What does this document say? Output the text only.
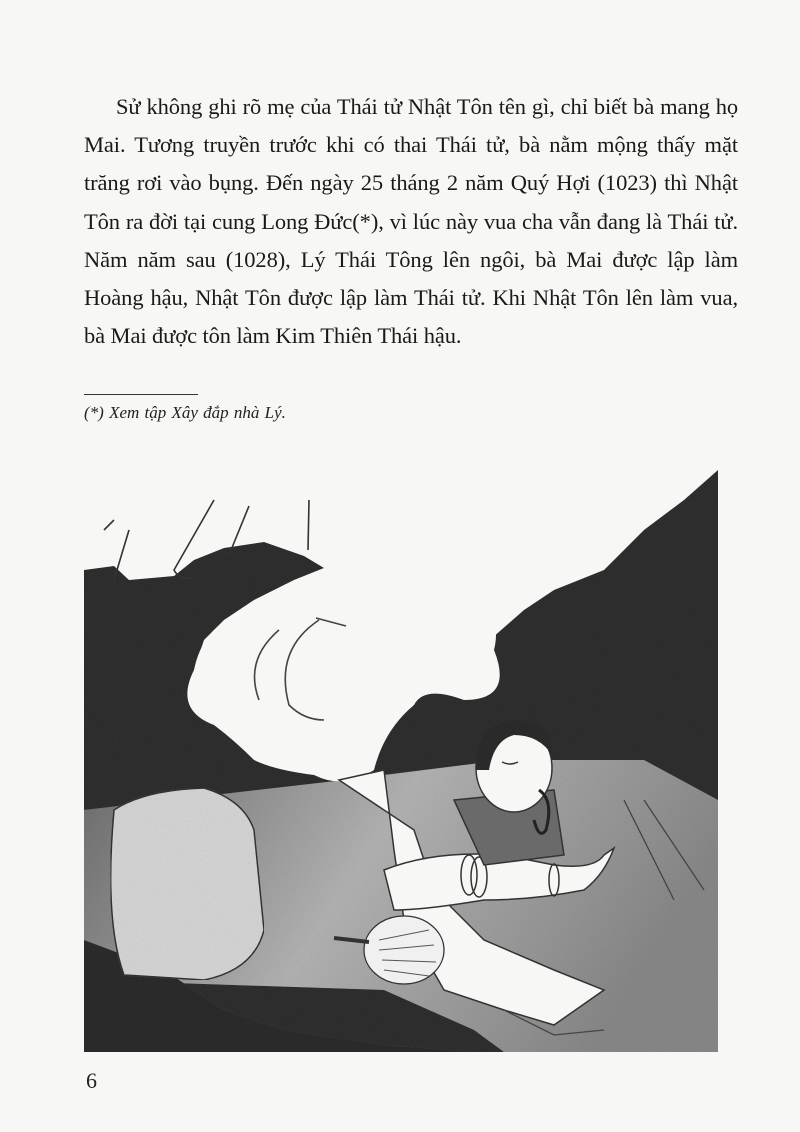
Sử không ghi rõ mẹ của Thái tử Nhật Tôn tên gì, chỉ biết bà mang họ Mai. Tương truyền trước khi có thai Thái tử, bà nằm mộng thấy mặt trăng rơi vào bụng. Đến ngày 25 tháng 2 năm Quý Hợi (1023) thì Nhật Tôn ra đời tại cung Long Đức(*), vì lúc này vua cha vẫn đang là Thái tử. Năm năm sau (1028), Lý Thái Tông lên ngôi, bà Mai được lập làm Hoàng hậu, Nhật Tôn được lập làm Thái tử. Khi Nhật Tôn lên làm vua, bà Mai được tôn làm Kim Thiên Thái hậu.

(*) Xem tập Xây đắp nhà Lý.

6
